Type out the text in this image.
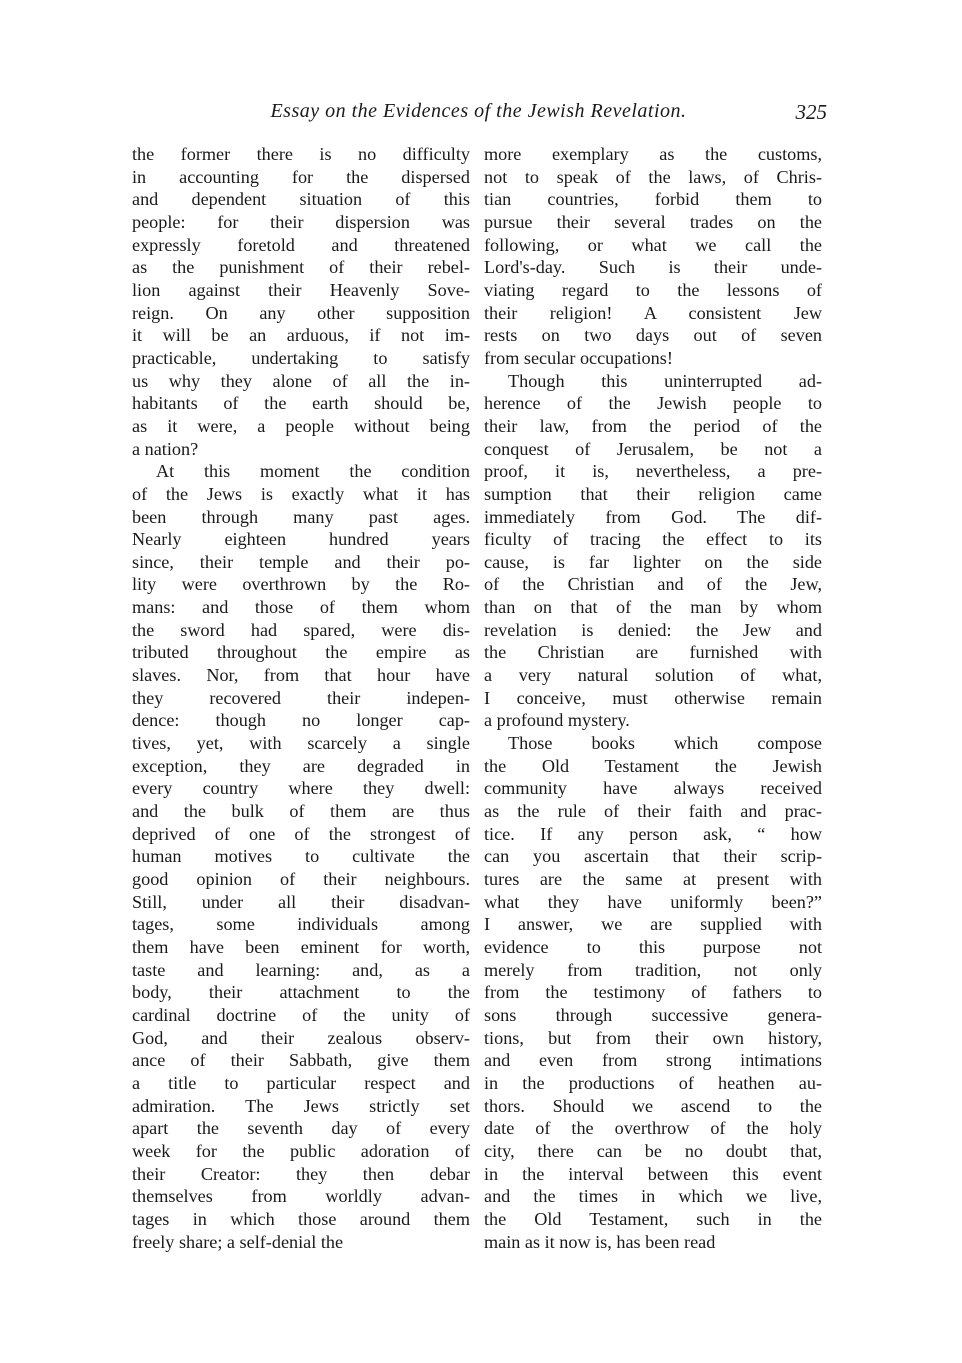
Essay on the Evidences of the Jewish Revelation.	325
the former there is no difficulty
in accounting for the dispersed
and dependent situation of this
people: for their dispersion was
expressly foretold and threatened
as the punishment of their rebel-
lion against their Heavenly Sove-
reign. On any other supposition
it will be an arduous, if not im-
practicable, undertaking to satisfy
us why they alone of all the in-
habitants of the earth should be,
as it were, a people without being
a nation?
At this moment the condition
of the Jews is exactly what it has
been through many past ages.
Nearly eighteen hundred years
since, their temple and their po-
lity were overthrown by the Ro-
mans: and those of them whom
the sword had spared, were dis-
tributed throughout the empire as
slaves. Nor, from that hour have
they recovered their indepen-
dence: though no longer cap-
tives, yet, with scarcely a single
exception, they are degraded in
every country where they dwell:
and the bulk of them are thus
deprived of one of the strongest of
human motives to cultivate the
good opinion of their neighbours.
Still, under all their disadvan-
tages, some individuals among
them have been eminent for worth,
taste and learning: and, as a
body, their attachment to the
cardinal doctrine of the unity of
God, and their zealous observ-
ance of their Sabbath, give them
a title to particular respect and
admiration. The Jews strictly set
apart the seventh day of every
week for the public adoration of
their Creator: they then debar
themselves from worldly advan-
tages in which those around them
freely share; a self-denial the
more exemplary as the customs,
not to speak of the laws, of Chris-
tian countries, forbid them to
pursue their several trades on the
following, or what we call the
Lord's-day. Such is their unde-
viating regard to the lessons of
their religion! A consistent Jew
rests on two days out of seven
from secular occupations!
Though this uninterrupted ad-
herence of the Jewish people to
their law, from the period of the
conquest of Jerusalem, be not a
proof, it is, nevertheless, a pre-
sumption that their religion came
immediately from God. The dif-
ficulty of tracing the effect to its
cause, is far lighter on the side
of the Christian and of the Jew,
than on that of the man by whom
revelation is denied: the Jew and
the Christian are furnished with
a very natural solution of what,
I conceive, must otherwise remain
a profound mystery.
Those books which compose
the Old Testament the Jewish
community have always received
as the rule of their faith and prac-
tice. If any person ask, “ how
can you ascertain that their scrip-
tures are the same at present with
what they have uniformly been?”
I answer, we are supplied with
evidence to this purpose not
merely from tradition, not only
from the testimony of fathers to
sons through successive genera-
tions, but from their own history,
and even from strong intimations
in the productions of heathen au-
thors. Should we ascend to the
date of the overthrow of the holy
city, there can be no doubt that,
in the interval between this event
and the times in which we live,
the Old Testament, such in the
main as it now is, has been read
